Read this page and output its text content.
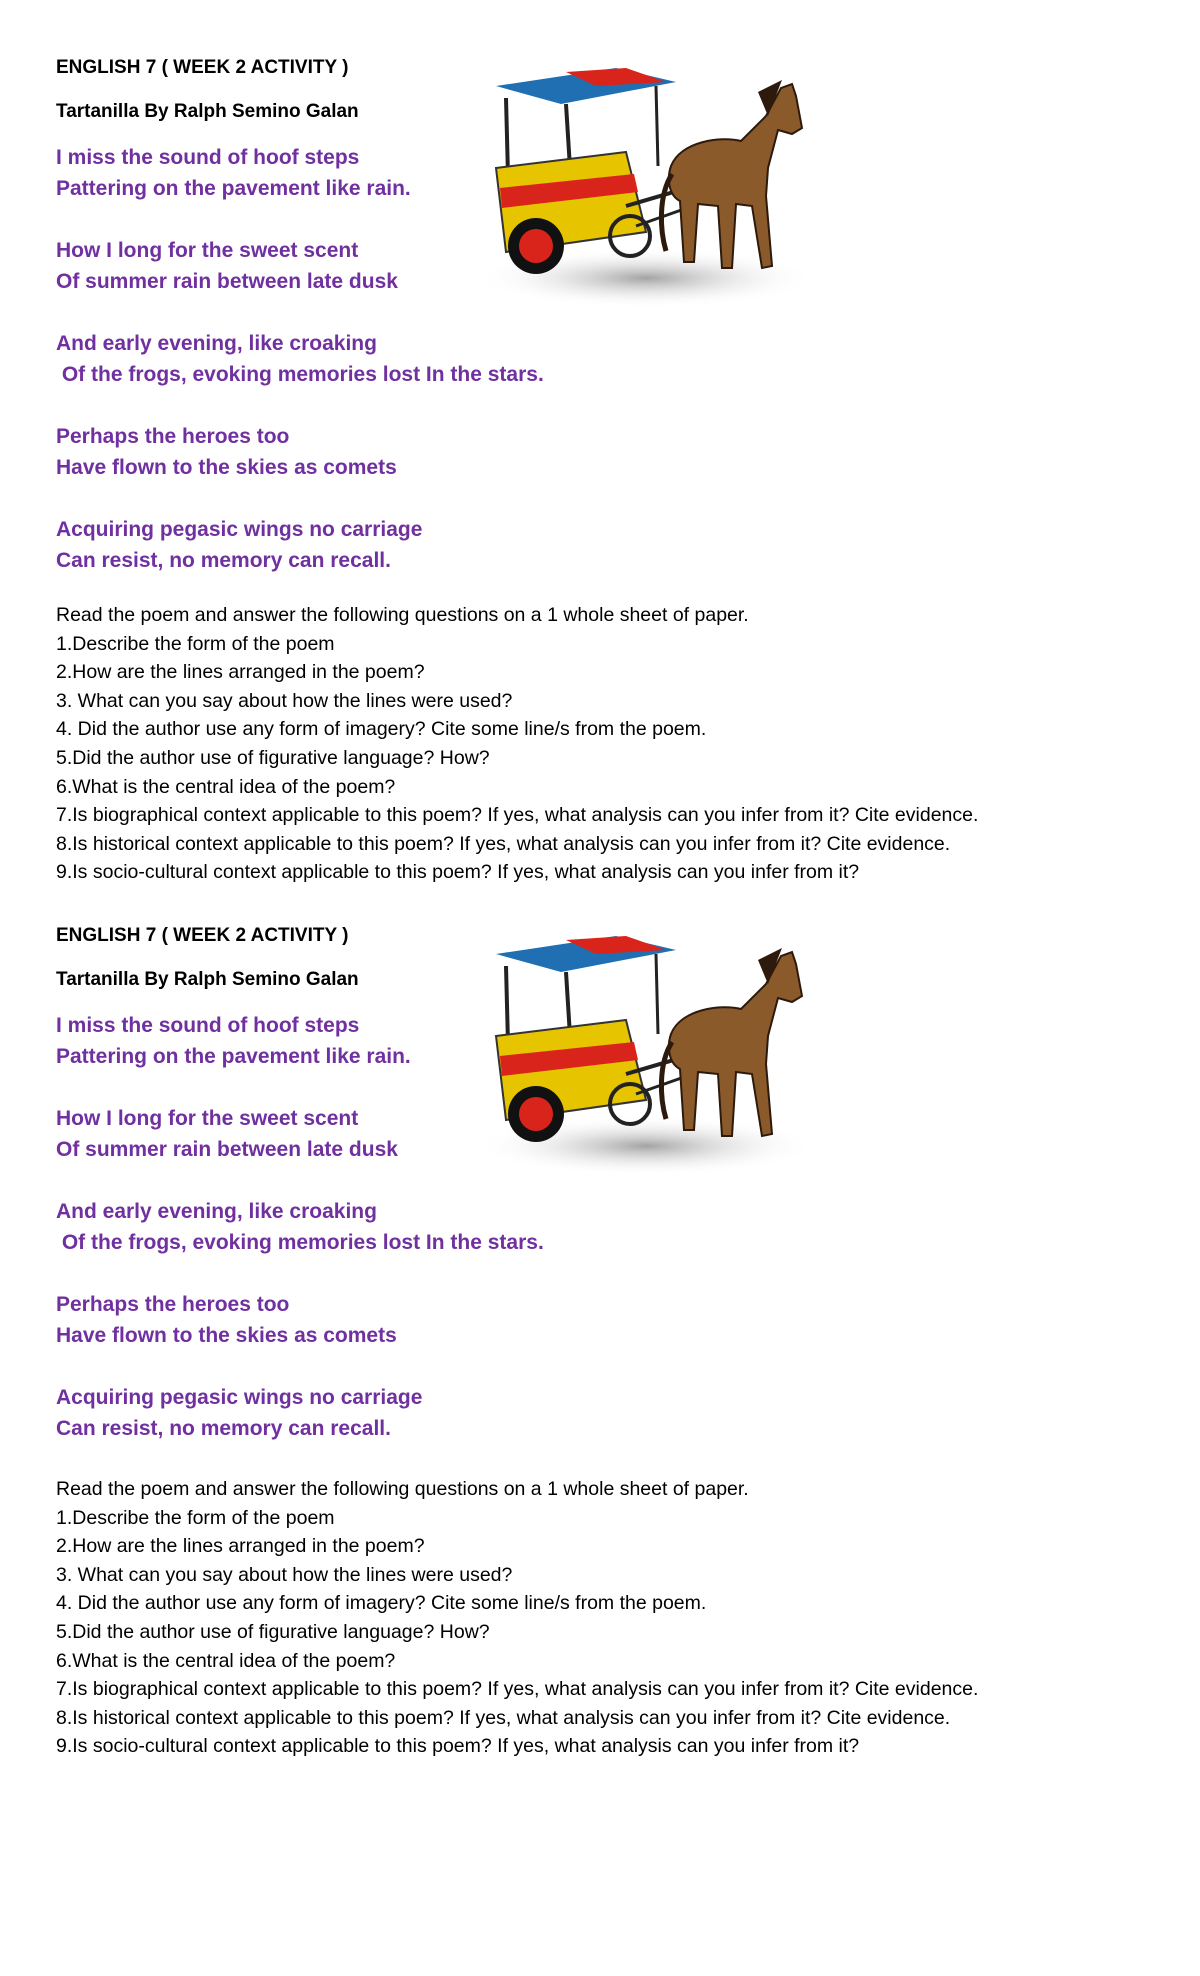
ENGLISH 7 ( WEEK 2 ACTIVITY )
Tartanilla By Ralph Semino Galan
I miss the sound of hoof steps
Pattering on the pavement like rain.
How I long for the sweet scent
Of summer rain between late dusk
And early evening, like croaking
Of the frogs, evoking memories lost In the stars.
Perhaps the heroes too
Have flown to the skies as comets
Acquiring pegasic wings no carriage
Can resist, no memory can recall.
Read the poem and answer the following questions on a 1 whole sheet of paper.
1.Describe the form of the poem
2.How are the lines arranged in the poem?
3. What can you say about how the lines were used?
4. Did the author use any form of imagery? Cite some line/s from the poem.
5.Did the author use of figurative language? How?
6.What is the central idea of the poem?
7.Is biographical context applicable to this poem? If yes, what analysis can you infer from it? Cite evidence.
8.Is historical context applicable to this poem? If yes, what analysis can you infer from it? Cite evidence.
9.Is socio-cultural context applicable to this poem? If yes, what analysis can you infer from it?
ENGLISH 7 ( WEEK 2 ACTIVITY )
Tartanilla By Ralph Semino Galan
I miss the sound of hoof steps
Pattering on the pavement like rain.
How I long for the sweet scent
Of summer rain between late dusk
And early evening, like croaking
Of the frogs, evoking memories lost In the stars.
Perhaps the heroes too
Have flown to the skies as comets
Acquiring pegasic wings no carriage
Can resist, no memory can recall.
Read the poem and answer the following questions on a 1 whole sheet of paper.
1.Describe the form of the poem
2.How are the lines arranged in the poem?
3. What can you say about how the lines were used?
4. Did the author use any form of imagery? Cite some line/s from the poem.
5.Did the author use of figurative language? How?
6.What is the central idea of the poem?
7.Is biographical context applicable to this poem? If yes, what analysis can you infer from it? Cite evidence.
8.Is historical context applicable to this poem? If yes, what analysis can you infer from it? Cite evidence.
9.Is socio-cultural context applicable to this poem? If yes, what analysis can you infer from it?
